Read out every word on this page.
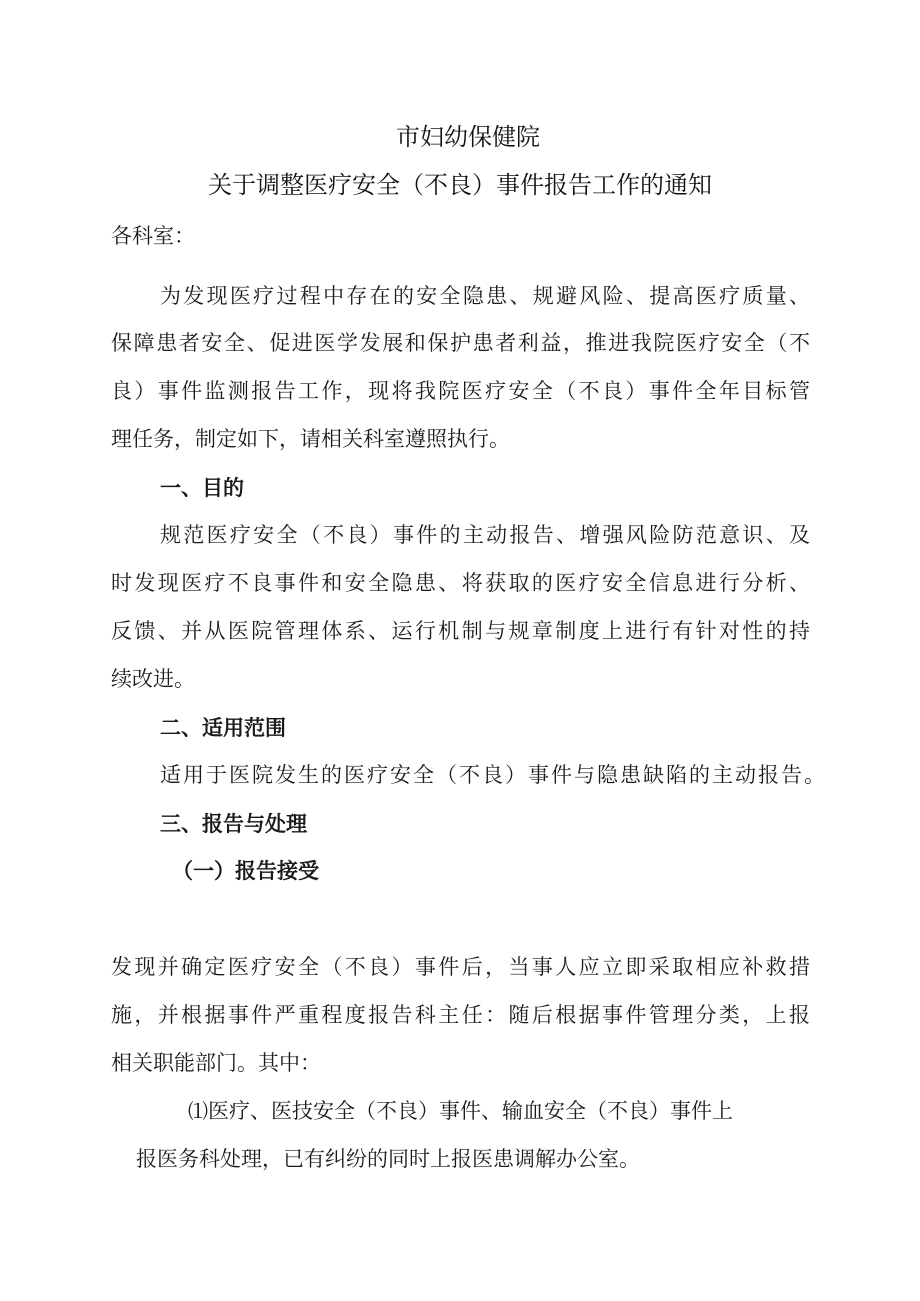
市妇幼保健院
关于调整医疗安全（不良）事件报告工作的通知
各科室：
为发现医疗过程中存在的安全隐患、规避风险、提高医疗质量、
保障患者安全、促进医学发展和保护患者利益，推进我院医疗安全（不
良）事件监测报告工作，现将我院医疗安全（不良）事件全年目标管
理任务，制定如下，请相关科室遵照执行。
一、目的
规范医疗安全（不良）事件的主动报告、增强风险防范意识、及
时发现医疗不良事件和安全隐患、将获取的医疗安全信息进行分析、
反馈、并从医院管理体系、运行机制与规章制度上进行有针对性的持
续改进。
二、适用范围
适用于医院发生的医疗安全（不良）事件与隐患缺陷的主动报告。
三、报告与处理
（一）报告接受
发现并确定医疗安全（不良）事件后，当事人应立即采取相应补救措
施，并根据事件严重程度报告科主任：随后根据事件管理分类，上报
相关职能部门。其中：
⑴医疗、医技安全（不良）事件、输血安全（不良）事件上
报医务科处理，已有纠纷的同时上报医患调解办公室。
